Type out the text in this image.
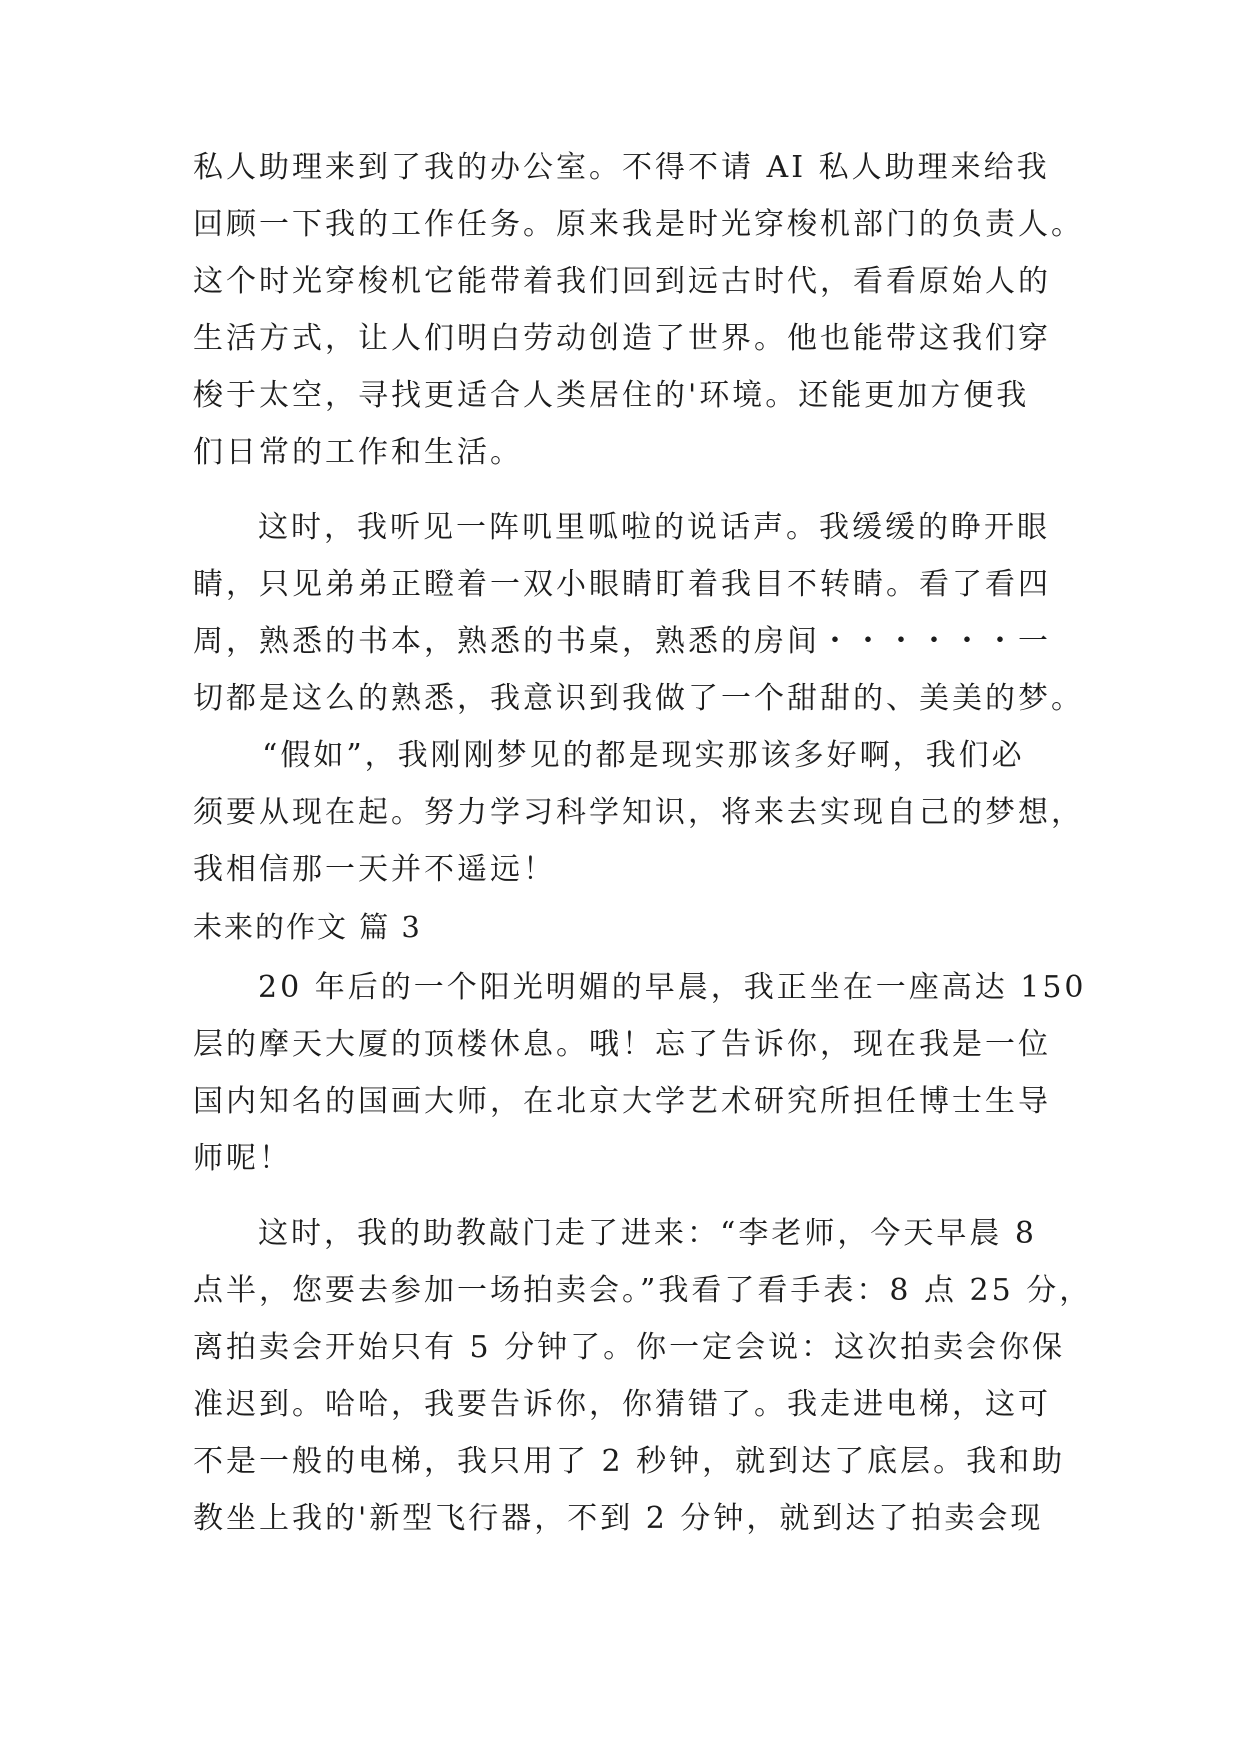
私人助理来到了我的办公室。不得不请 AI 私人助理来给我
回顾一下我的工作任务。原来我是时光穿梭机部门的负责人。
这个时光穿梭机它能带着我们回到远古时代，看看原始人的
生活方式，让人们明白劳动创造了世界。他也能带这我们穿
梭于太空，寻找更适合人类居住的'环境。还能更加方便我
们日常的工作和生活。
这时，我听见一阵叽里呱啦的说话声。我缓缓的睁开眼
睛，只见弟弟正瞪着一双小眼睛盯着我目不转睛。看了看四
周，熟悉的书本，熟悉的书桌，熟悉的房间・・・・・・一
切都是这么的熟悉，我意识到我做了一个甜甜的、美美的梦。
“假如”，我刚刚梦见的都是现实那该多好啊，我们必
须要从现在起。努力学习科学知识，将来去实现自己的梦想，
我相信那一天并不遥远！
未来的作文 篇 3
20 年后的一个阳光明媚的早晨，我正坐在一座高达 150
层的摩天大厦的顶楼休息。哦！忘了告诉你，现在我是一位
国内知名的国画大师，在北京大学艺术研究所担任博士生导
师呢！
这时，我的助教敲门走了进来：“李老师，今天早晨 8
点半，您要去参加一场拍卖会。”我看了看手表：8 点 25 分，
离拍卖会开始只有 5 分钟了。你一定会说：这次拍卖会你保
准迟到。哈哈，我要告诉你，你猜错了。我走进电梯，这可
不是一般的电梯，我只用了 2 秒钟，就到达了底层。我和助
教坐上我的'新型飞行器，不到 2 分钟，就到达了拍卖会现
